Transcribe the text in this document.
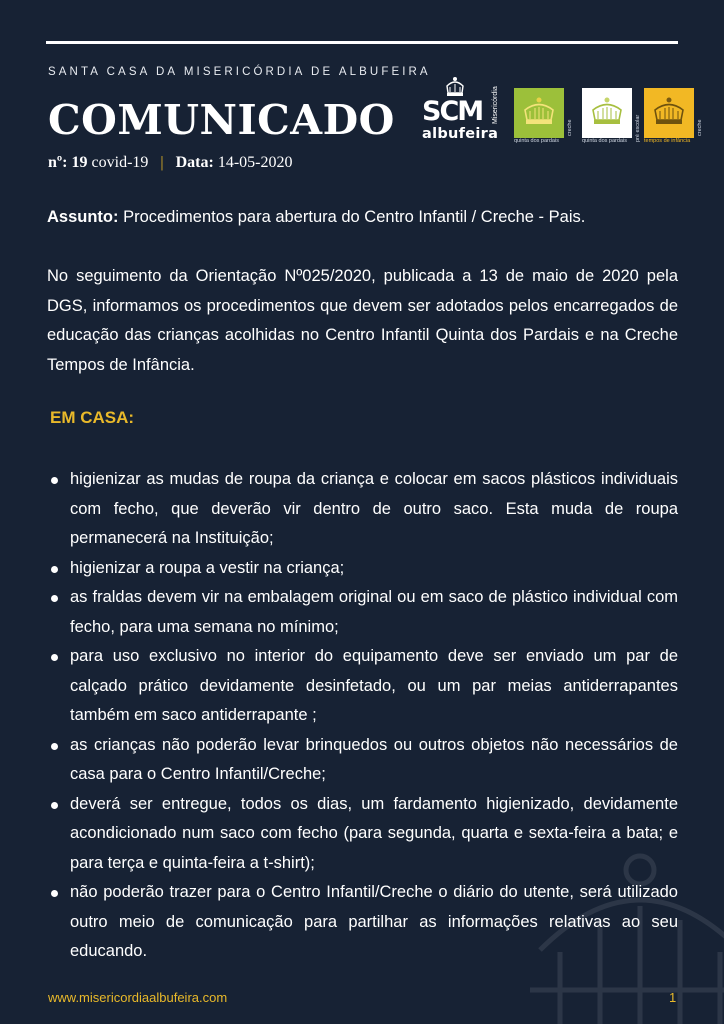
SANTA CASA DA MISERICÓRDIA DE ALBUFEIRA
COMUNICADO
nº: 19 covid-19 | Data: 14-05-2020
SCM Misericórdia
albufeira	quinta dos pardais
creche
quinta dos pardais pré escolar tempos de infância
creche
Assunto: Procedimentos para abertura do Centro Infantil / Creche - Pais.
No seguimento da Orientação Nº025/2020, publicada a 13 de maio de 2020 pela DGS, informamos os procedimentos que devem ser adotados pelos encarregados de educação das crianças acolhidas no Centro Infantil Quinta dos Pardais e na Creche Tempos de Infância.
EM CASA:
higienizar as mudas de roupa da criança e colocar em sacos plásticos individuais com fecho, que deverão vir dentro de outro saco. Esta muda de roupa permanecerá na Instituição;
higienizar a roupa a vestir na criança;
as fraldas devem vir na embalagem original ou em saco de plástico individual com fecho, para uma semana no mínimo;
para uso exclusivo no interior do equipamento deve ser enviado um par de calçado prático devidamente desinfetado, ou um par meias antiderrapantes também em saco antiderrapante ;
as crianças não poderão levar brinquedos ou outros objetos não necessários de casa para o Centro Infantil/Creche;
deverá ser entregue, todos os dias, um fardamento higienizado, devidamente acondicionado num saco com fecho (para segunda, quarta e sexta-feira a bata; e para terça e quinta-feira a t-shirt);
não poderão trazer para o Centro Infantil/Creche o diário do utente, será utilizado outro meio de comunicação para partilhar as informações relativas ao seu educando.
www.misericordiaalbufeira.com	1
